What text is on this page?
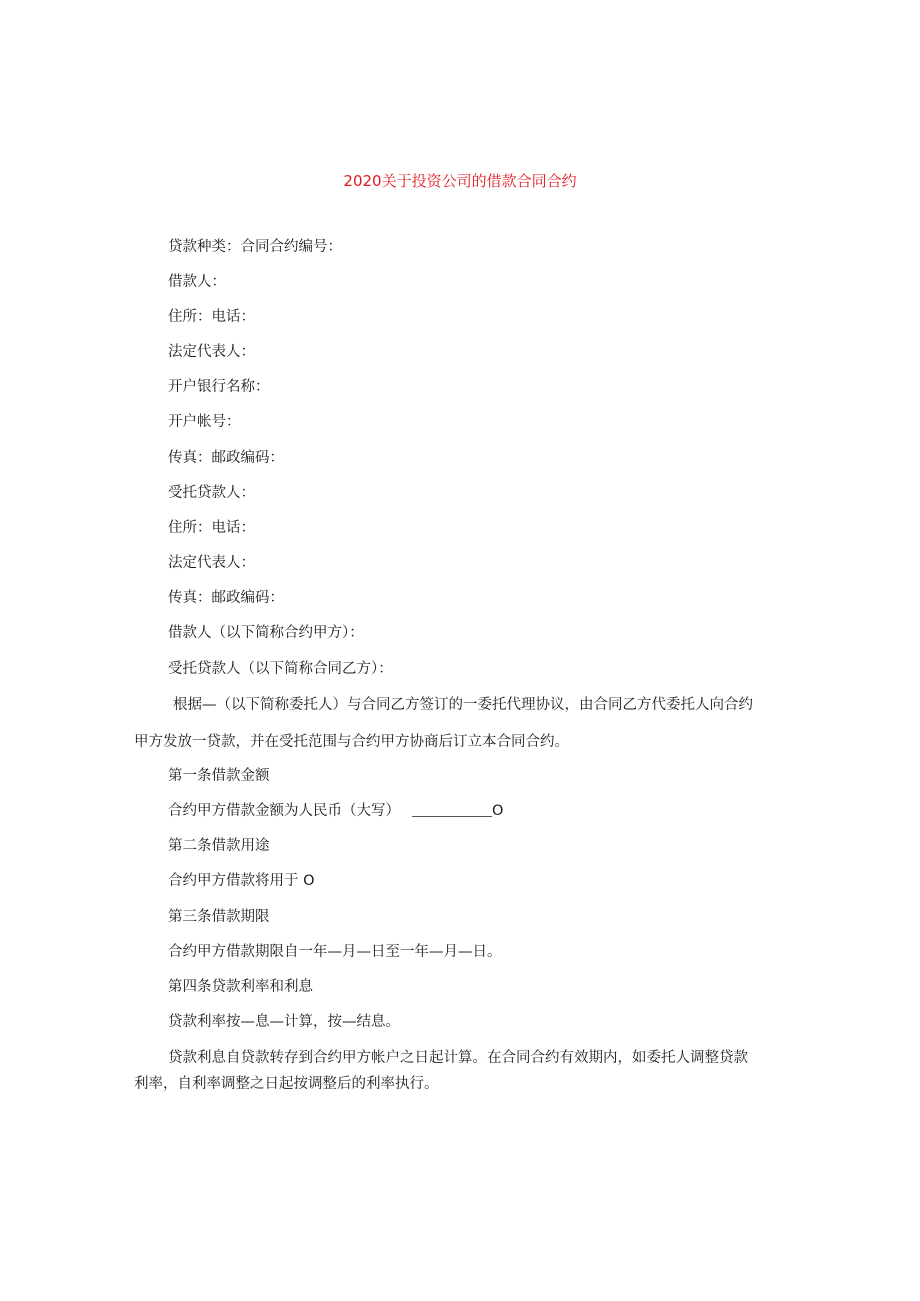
2020关于投资公司的借款合同合约
贷款种类：合同合约编号：
借款人：
住所：电话：
法定代表人：
开户银行名称：
开户帐号：
传真：邮政编码：
受托贷款人：
住所：电话：
法定代表人：
传真：邮政编码：
借款人（以下简称合约甲方）：
受托贷款人（以下简称合同乙方）：
根据—（以下简称委托人）与合同乙方签订的一委托代理协议，由合同乙方代委托人向合约
甲方发放一贷款，并在受托范围与合约甲方协商后订立本合同合约。
第一条借款金额
合约甲方借款金额为人民币（大写）	O
第二条借款用途
合约甲方借款将用于 O
第三条借款期限
合约甲方借款期限自一年—月—日至一年—月—日。
第四条贷款利率和利息
贷款利率按—息—计算，按—结息。
贷款利息自贷款转存到合约甲方帐户之日起计算。在合同合约有效期内，如委托人调整贷款
利率，自利率调整之日起按调整后的利率执行。
